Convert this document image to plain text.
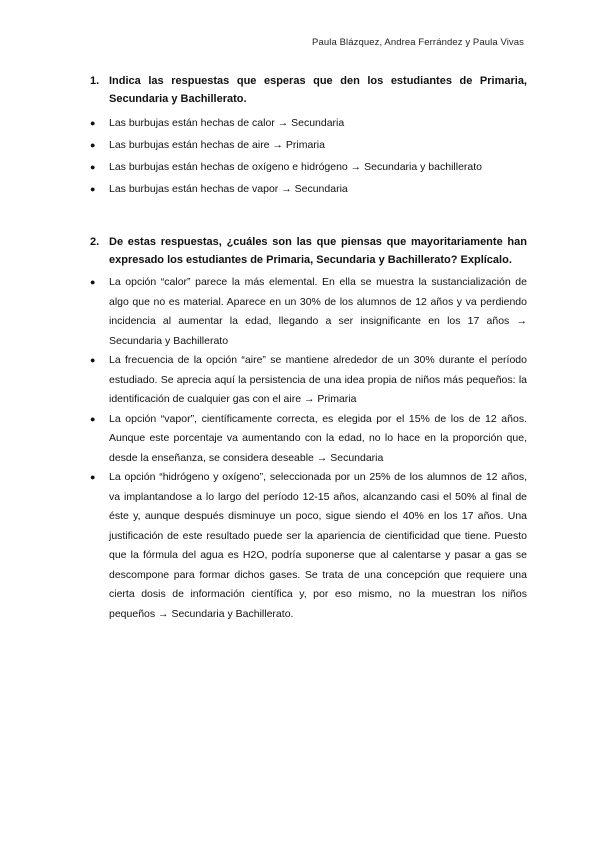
Paula Blázquez, Andrea Ferrández y Paula Vivas
1. Indica las respuestas que esperas que den los estudiantes de Primaria, Secundaria y Bachillerato.
● Las burbujas están hechas de calor → Secundaria
● Las burbujas están hechas de aire → Primaria
● Las burbujas están hechas de oxígeno e hidrógeno → Secundaria y bachillerato
● Las burbujas están hechas de vapor → Secundaria
2. De estas respuestas, ¿cuáles son las que piensas que mayoritariamente han expresado los estudiantes de Primaria, Secundaria y Bachillerato? Explícalo.
● La opción “calor” parece la más elemental. En ella se muestra la sustancialización de algo que no es material. Aparece en un 30% de los alumnos de 12 años y va perdiendo incidencia al aumentar la edad, llegando a ser insignificante en los 17 años → Secundaria y Bachillerato
● La frecuencia de la opción “aire” se mantiene alrededor de un 30% durante el período estudiado. Se aprecia aquí la persistencia de una idea propia de niños más pequeños: la identificación de cualquier gas con el aire → Primaria
● La opción “vapor”, científicamente correcta, es elegida por el 15% de los de 12 años. Aunque este porcentaje va aumentando con la edad, no lo hace en la proporción que, desde la enseñanza, se considera deseable → Secundaria
● La opción “hidrógeno y oxígeno”, seleccionada por un 25% de los alumnos de 12 años, va implantandose a lo largo del período 12-15 años, alcanzando casi el 50% al final de éste y, aunque después disminuye un poco, sigue siendo el 40% en los 17 años. Una justificación de este resultado puede ser la apariencia de cientificidad que tiene. Puesto que la fórmula del agua es H2O, podría suponerse que al calentarse y pasar a gas se descompone para formar dichos gases. Se trata de una concepción que requiere una cierta dosis de información científica y, por eso mismo, no la muestran los niños pequeños → Secundaria y Bachillerato.
